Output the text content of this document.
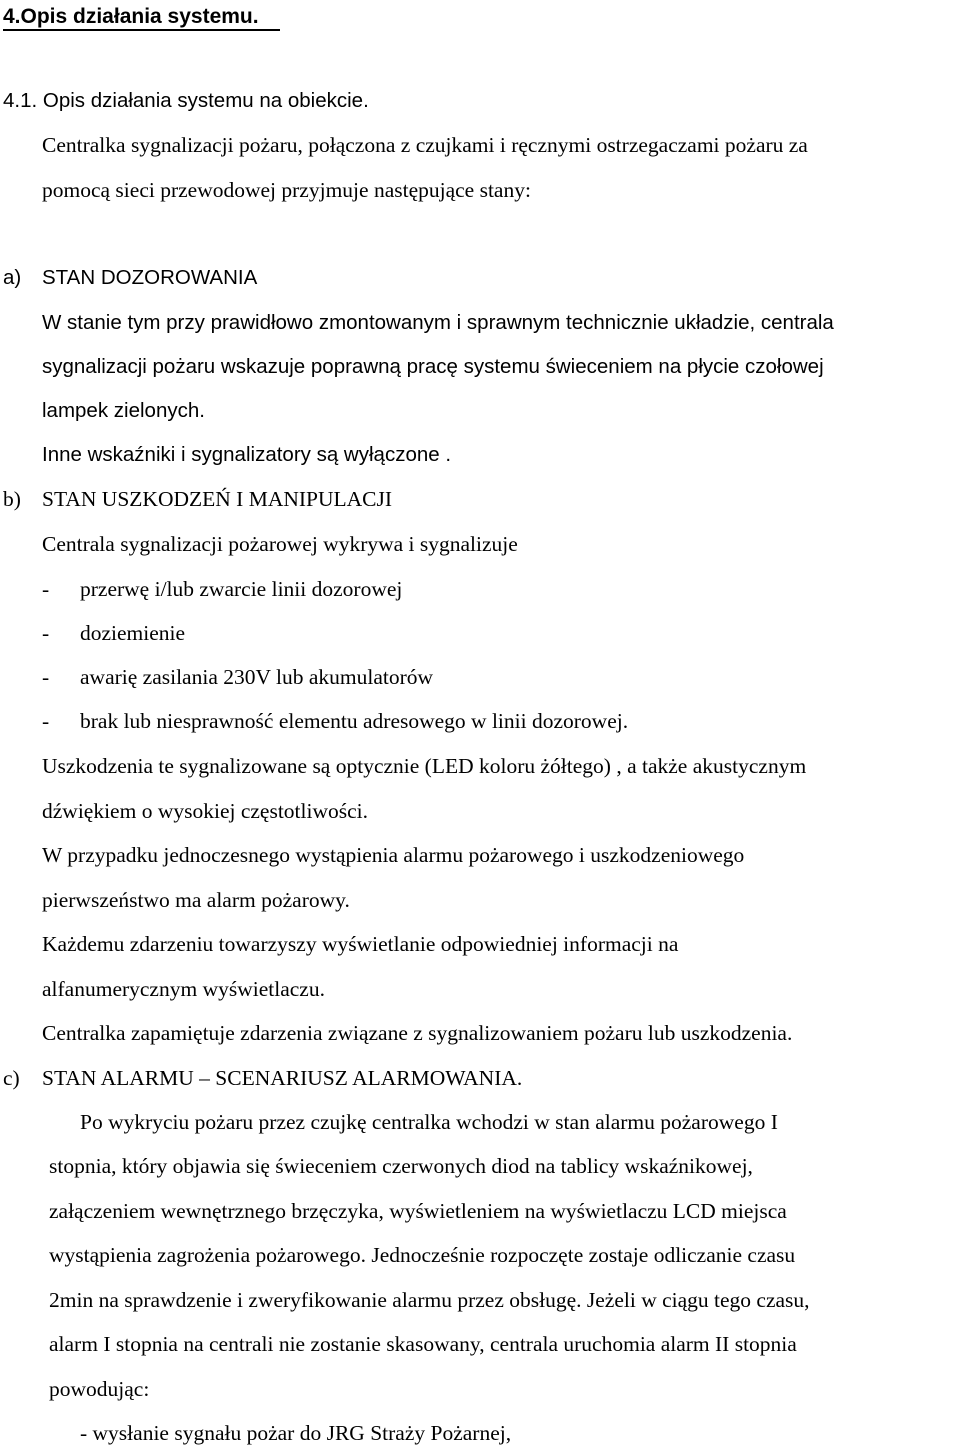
4.Opis działania systemu.
4.1. Opis działania systemu na obiekcie.
Centralka sygnalizacji pożaru, połączona z czujkami i ręcznymi ostrzegaczami pożaru za
pomocą sieci przewodowej przyjmuje następujące stany:
a) STAN DOZOROWANIA
W stanie tym przy prawidłowo zmontowanym i sprawnym technicznie układzie, centrala
sygnalizacji pożaru wskazuje poprawną pracę systemu świeceniem na płycie czołowej
lampek zielonych.
Inne wskaźniki i sygnalizatory są wyłączone .
b) STAN USZKODZEŃ I MANIPULACJI
Centrala sygnalizacji pożarowej wykrywa i sygnalizuje
- przerwę i/lub zwarcie linii dozorowej
- doziemienie
- awarię zasilania 230V lub akumulatorów
- brak lub niesprawność elementu adresowego w linii dozorowej.
Uszkodzenia te sygnalizowane są optycznie (LED koloru żółtego) , a także akustycznym
dźwiękiem o wysokiej częstotliwości.
W przypadku jednoczesnego wystąpienia alarmu pożarowego i uszkodzeniowego
pierwszeństwo ma alarm pożarowy.
Każdemu zdarzeniu towarzyszy wyświetlanie odpowiedniej informacji na
alfanumerycznym wyświetlaczu.
Centralka zapamiętuje zdarzenia związane z sygnalizowaniem pożaru lub uszkodzenia.
c) STAN ALARMU – SCENARIUSZ ALARMOWANIA.
Po wykryciu pożaru przez czujkę centralka wchodzi w stan alarmu pożarowego I
stopnia, który objawia się świeceniem czerwonych diod na tablicy wskaźnikowej,
załączeniem wewnętrznego brzęczyka, wyświetleniem na wyświetlaczu LCD miejsca
wystąpienia zagrożenia pożarowego. Jednocześnie rozpoczęte zostaje odliczanie czasu
2min na sprawdzenie i zweryfikowanie alarmu przez obsługę. Jeżeli w ciągu tego czasu,
alarm I stopnia na centrali nie zostanie skasowany, centrala uruchomia alarm II stopnia
powodując:
- wysłanie sygnału pożar do JRG Straży Pożarnej,
